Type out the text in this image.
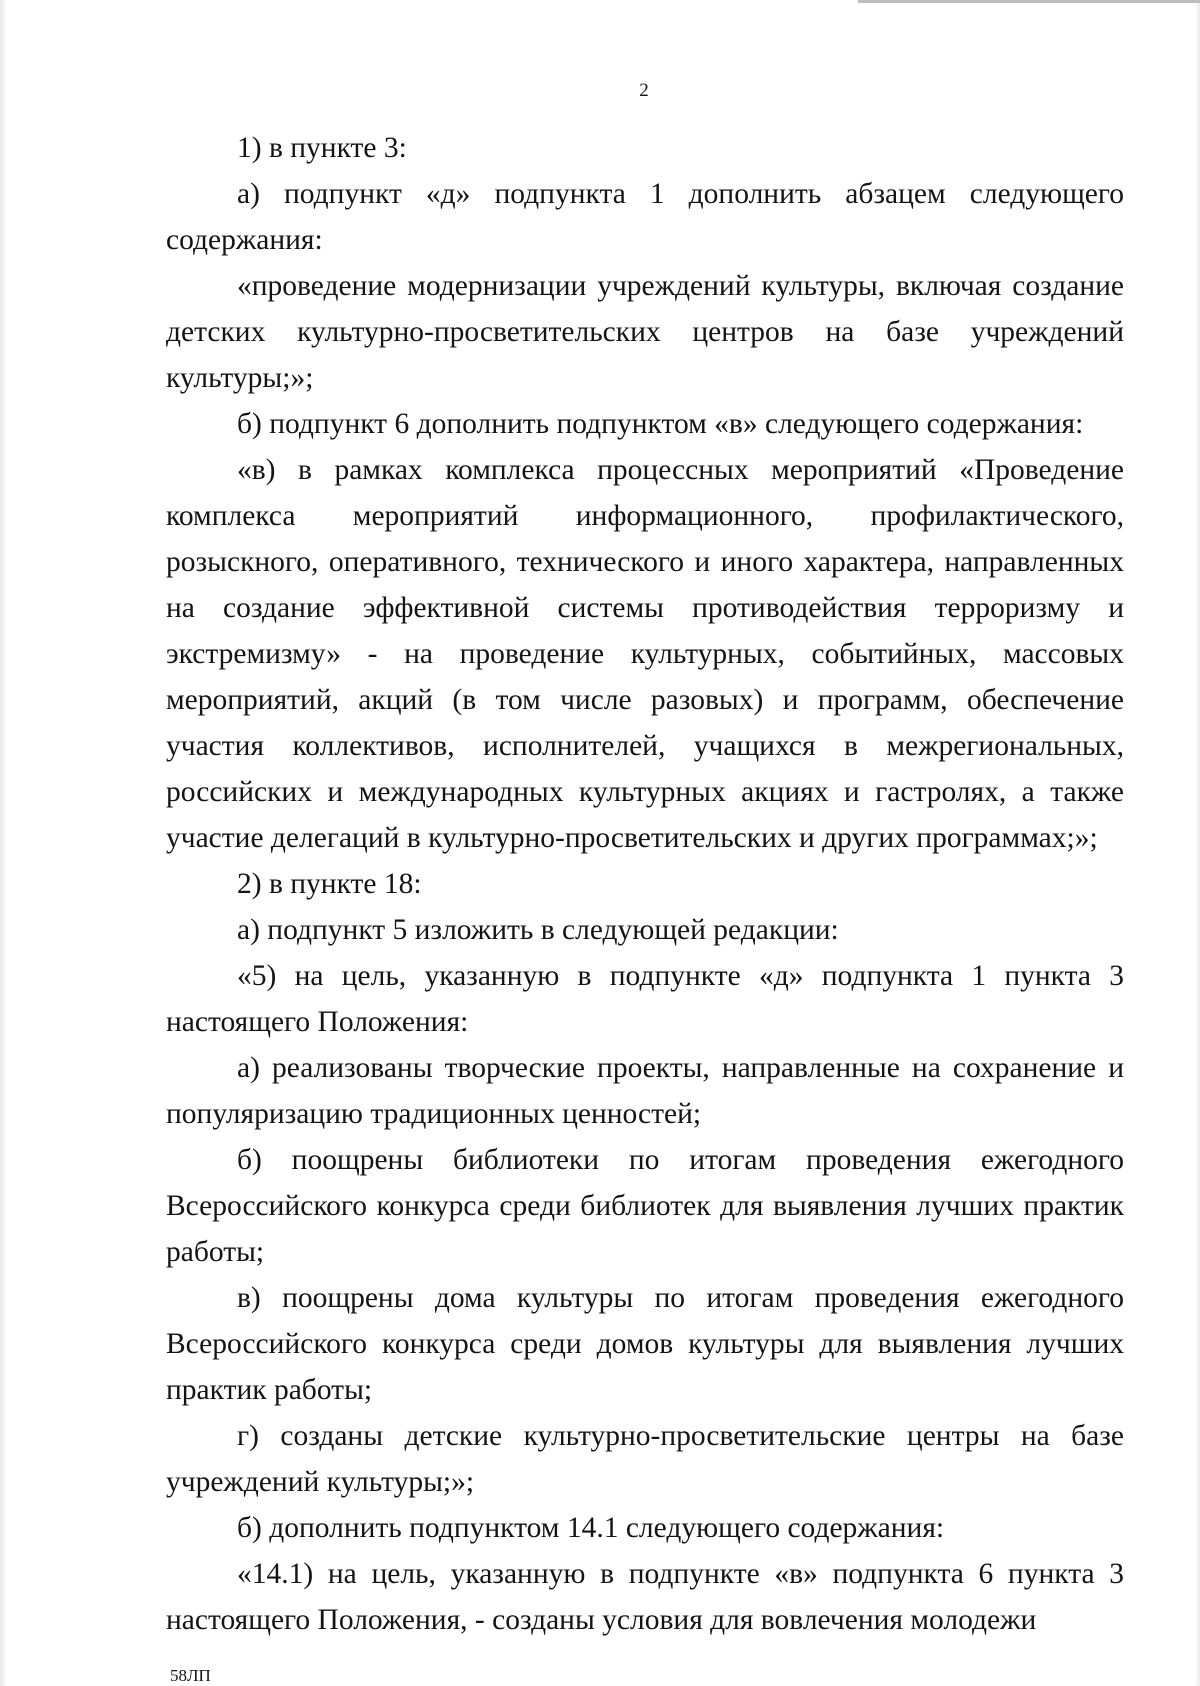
2

1) в пункте 3:

а) подпункт «д» подпункта 1 дополнить абзацем следующего содержания:

«проведение модернизации учреждений культуры, включая создание детских культурно-просветительских центров на базе учреждений культуры;»;

б) подпункт 6 дополнить подпунктом «в» следующего содержания:

«в) в рамках комплекса процессных мероприятий «Проведение комплекса мероприятий информационного, профилактического, розыскного, оперативного, технического и иного характера, направленных на создание эффективной системы противодействия терроризму и экстремизму» - на проведение культурных, событийных, массовых мероприятий, акций (в том числе разовых) и программ, обеспечение участия коллективов, исполнителей, учащихся в межрегиональных, российских и международных культурных акциях и гастролях, а также участие делегаций в культурно-просветительских и других программах;»;

2) в пункте 18:

а) подпункт 5 изложить в следующей редакции:

«5) на цель, указанную в подпункте «д» подпункта 1 пункта 3 настоящего Положения:

а) реализованы творческие проекты, направленные на сохранение и популяризацию традиционных ценностей;

б) поощрены библиотеки по итогам проведения ежегодного Всероссийского конкурса среди библиотек для выявления лучших практик работы;

в) поощрены дома культуры по итогам проведения ежегодного Всероссийского конкурса среди домов культуры для выявления лучших практик работы;

г) созданы детские культурно-просветительские центры на базе учреждений культуры;»;

б) дополнить подпунктом 14.1 следующего содержания:

«14.1) на цель, указанную в подпункте «в» подпункта 6 пункта 3 настоящего Положения, - созданы условия для вовлечения молодежи

58ЛП
